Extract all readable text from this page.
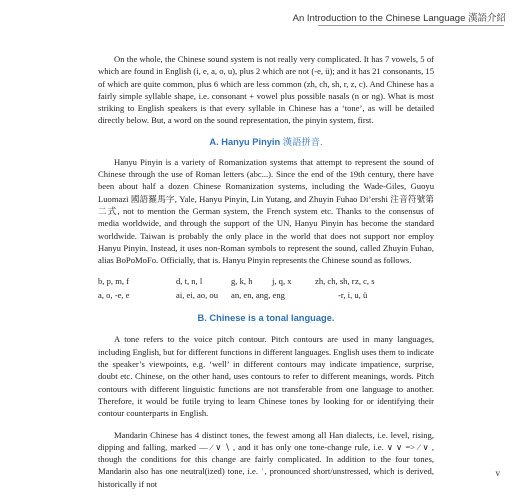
An Introduction to the Chinese Language 漢語介紹

On the whole, the Chinese sound system is not really very complicated. It has 7 vowels, 5 of which are found in English (i, e, a, o, u), plus 2 which are not (-e, ü); and it has 21 consonants, 15 of which are quite common, plus 6 which are less common (zh, ch, sh, r, z, c). And Chinese has a fairly simple syllable shape, i.e. consonant + vowel plus possible nasals (n or ng). What is most striking to English speakers is that every syllable in Chinese has a ‘tone’, as will be detailed directly below. But, a word on the sound representation, the pinyin system, first.

A. Hanyu Pinyin 漢語拼音.

Hanyu Pinyin is a variety of Romanization systems that attempt to represent the sound of Chinese through the use of Roman letters (abc...). Since the end of the 19th century, there have been about half a dozen Chinese Romanization systems, including the Wade-Giles, Guoyu Luomazi 國語羅馬字, Yale, Hanyu Pinyin, Lin Yutang, and Zhuyin Fuhao Di’ershi 注音符號第二式, not to mention the German system, the French system etc. Thanks to the consensus of media worldwide, and through the support of the UN, Hanyu Pinyin has become the standard worldwide. Taiwan is probably the only place in the world that does not support nor employ Hanyu Pinyin. Instead, it uses non-Roman symbols to represent the sound, called Zhuyin Fuhao, alias BoPoMoFo. Officially, that is. Hanyu Pinyin represents the Chinese sound as follows.

b, p, m, f	d, t, n, l	g, k, h	j, q, x	zh, ch, sh, r z, c, s
a, o, -e, e	ai, ei, ao, ou	an, en, ang, eng	-r, i, u, ü

B. Chinese is a tonal language.

A tone refers to the voice pitch contour. Pitch contours are used in many languages, including English, but for different functions in different languages. English uses them to indicate the speaker’s viewpoints, e.g. ‘well’ in different contours may indicate impatience, surprise, doubt etc. Chinese, on the other hand, uses contours to refer to different meanings, words. Pitch contours with different linguistic functions are not transferable from one language to another. Therefore, it would be futile trying to learn Chinese tones by looking for or identifying their contour counterparts in English.

Mandarin Chinese has 4 distinct tones, the fewest among all Han dialects, i.e. level, rising, dipping and falling, marked — ⁄ ∨ ∖ , and it has only one tone-change rule, i.e. ∨ ∨ => ⁄ ∨ , though the conditions for this change are fairly complicated. In addition to the four tones, Mandarin also has one neutral(ized) tone, i.e. ˙, pronounced short/unstressed, which is derived, historically if not

v
